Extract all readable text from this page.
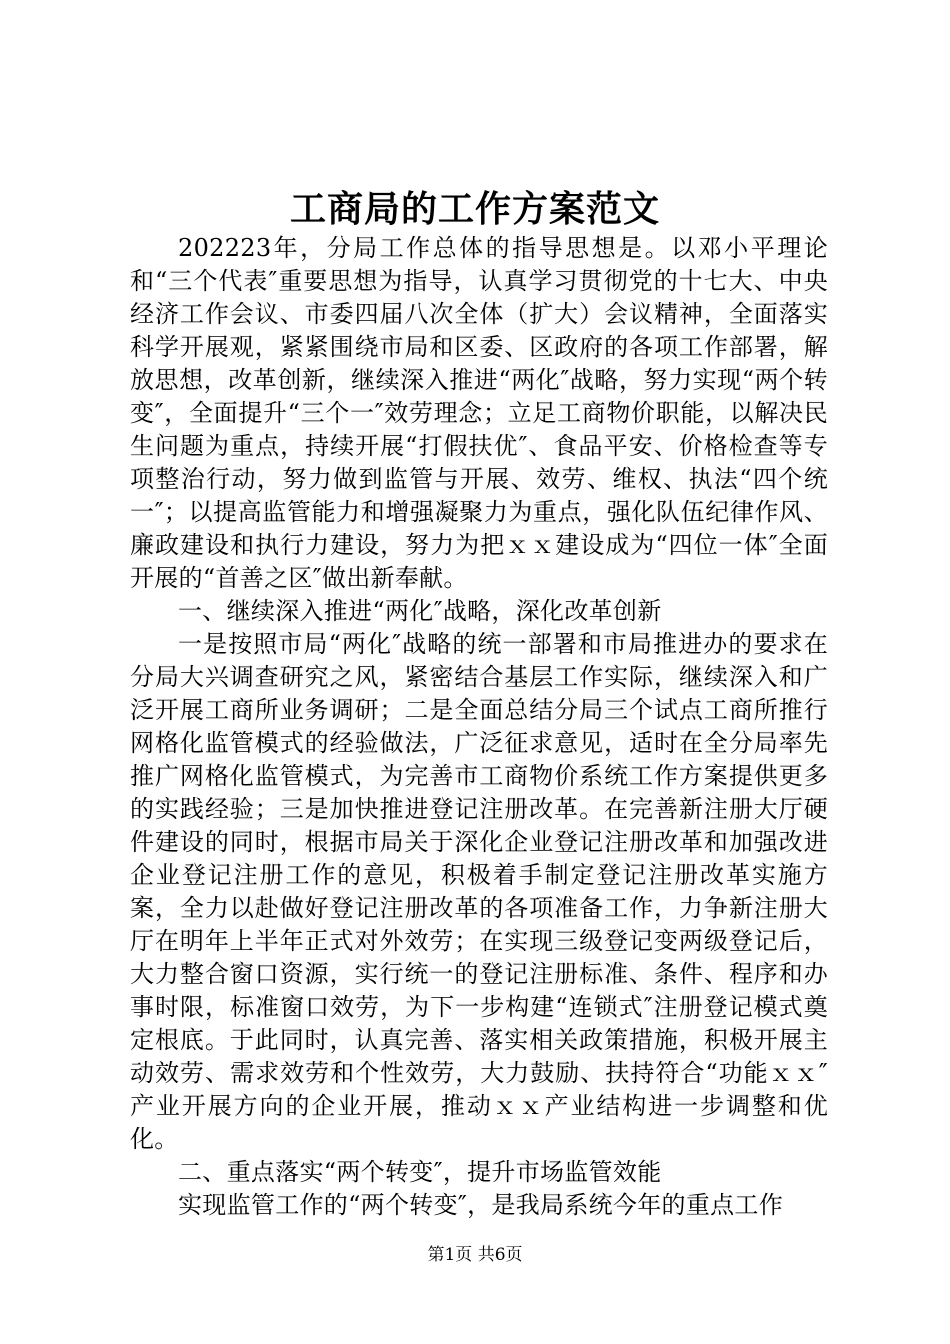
工商局的工作方案范文

202223年，分局工作总体的指导思想是。以邓小平理论和“三个代表″重要思想为指导，认真学习贯彻党的十七大、中央经济工作会议、市委四届八次全体（扩大）会议精神，全面落实科学开展观，紧紧围绕市局和区委、区政府的各项工作部署，解放思想，改革创新，继续深入推进“两化″战略，努力实现“两个转变″，全面提升“三个一″效劳理念；立足工商物价职能，以解决民生问题为重点，持续开展“打假扶优″、食品平安、价格检查等专项整治行动，努力做到监管与开展、效劳、维权、执法“四个统一″；以提高监管能力和增强凝聚力为重点，强化队伍纪律作风、廉政建设和执行力建设，努力为把ｘｘ建设成为“四位一体″全面开展的“首善之区″做出新奉献。

一、继续深入推进“两化″战略，深化改革创新

一是按照市局“两化″战略的统一部署和市局推进办的要求在分局大兴调查研究之风，紧密结合基层工作实际，继续深入和广泛开展工商所业务调研；二是全面总结分局三个试点工商所推行网格化监管模式的经验做法，广泛征求意见，适时在全分局率先推广网格化监管模式，为完善市工商物价系统工作方案提供更多的实践经验；三是加快推进登记注册改革。在完善新注册大厅硬件建设的同时，根据市局关于深化企业登记注册改革和加强改进企业登记注册工作的意见，积极着手制定登记注册改革实施方案，全力以赴做好登记注册改革的各项准备工作，力争新注册大厅在明年上半年正式对外效劳；在实现三级登记变两级登记后，大力整合窗口资源，实行统一的登记注册标准、条件、程序和办事时限，标准窗口效劳，为下一步构建“连锁式″注册登记模式奠定根底。于此同时，认真完善、落实相关政策措施，积极开展主动效劳、需求效劳和个性效劳，大力鼓励、扶持符合“功能ｘｘ″产业开展方向的企业开展，推动ｘｘ产业结构进一步调整和优化。

二、重点落实“两个转变″，提升市场监管效能

实现监管工作的“两个转变″，是我局系统今年的重点工作

第1页 共6页
